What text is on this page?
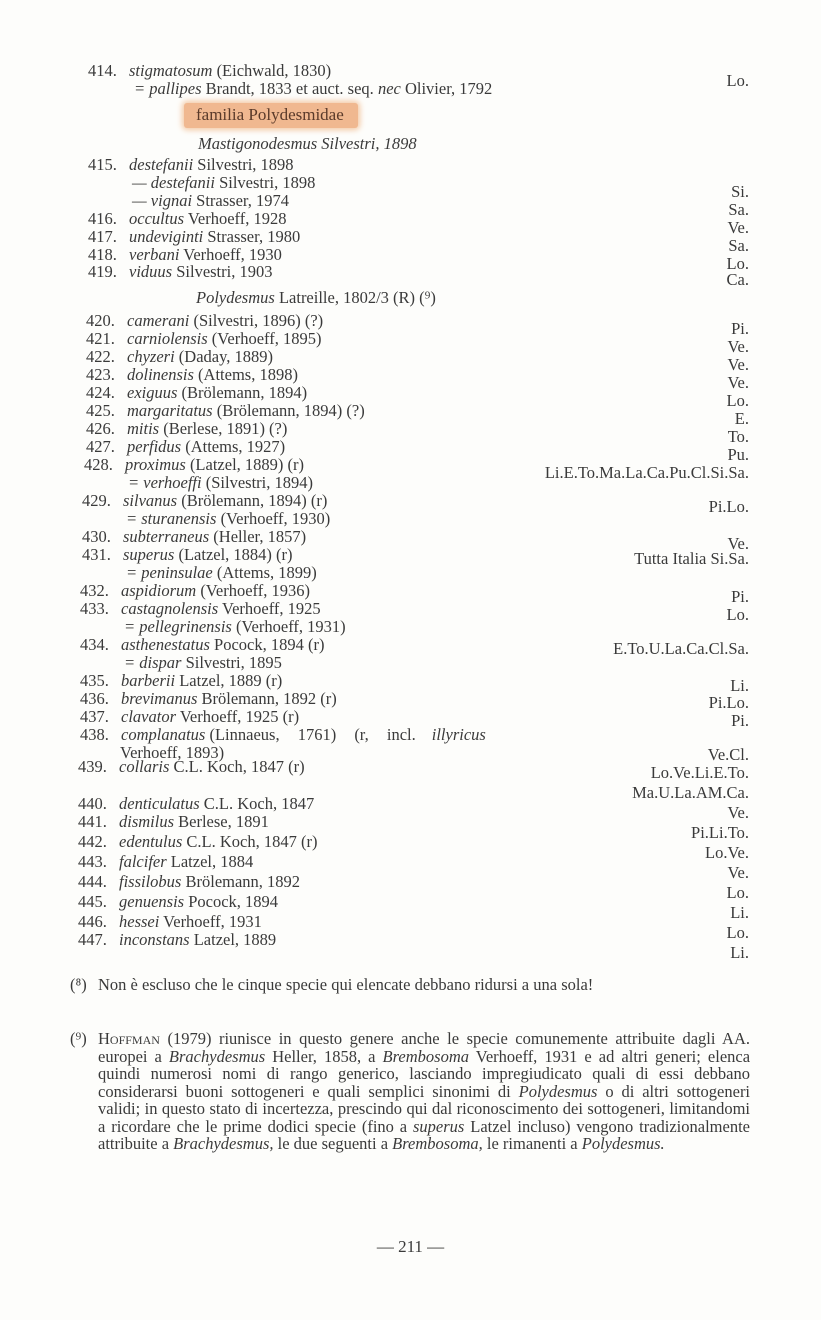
familia Polydesmidae
Mastigonodesmus Silvestri, 1898
Polydesmus Latreille, 1802/3 (R) (⁹)
414. stigmatosum (Eichwald, 1830)
= pallipes Brandt, 1833 et auct. seq. nec Olivier, 1792
415. destefanii Silvestri, 1898
— destefanii Silvestri, 1898
— vignai Strasser, 1974
416. occultus Verhoeff, 1928
417. undeviginti Strasser, 1980
418. verbani Verhoeff, 1930
419. viduus Silvestri, 1903
420. camerani (Silvestri, 1896) (?)
421. carniolensis (Verhoeff, 1895)
422. chyzeri (Daday, 1889)
423. dolinensis (Attems, 1898)
424. exiguus (Brölemann, 1894)
425. margaritatus (Brölemann, 1894) (?)
426. mitis (Berlese, 1891) (?)
427. perfidus (Attems, 1927)
428. proximus (Latzel, 1889) (r)
= verhoeffi (Silvestri, 1894)
429. silvanus (Brölemann, 1894) (r)
= sturanensis (Verhoeff, 1930)
430. subterraneus (Heller, 1857)
431. superus (Latzel, 1884) (r)
= peninsulae (Attems, 1899)
432. aspidiorum (Verhoeff, 1936)
433. castagnolensis Verhoeff, 1925
= pellegrinensis (Verhoeff, 1931)
434. asthenestatus Pocock, 1894 (r)
= dispar Silvestri, 1895
435. barberii Latzel, 1889 (r)
436. brevimanus Brölemann, 1892 (r)
437. clavator Verhoeff, 1925 (r)
438. complanatus (Linnaeus, 1761) (r, incl. illyricus
Verhoeff, 1893)
439. collaris C.L. Koch, 1847 (r)
440. denticulatus C.L. Koch, 1847
441. dismilus Berlese, 1891
442. edentulus C.L. Koch, 1847 (r)
443. falcifer Latzel, 1884
444. fissilobus Brölemann, 1892
445. genuensis Pocock, 1894
446. hessei Verhoeff, 1931
447. inconstans Latzel, 1889
Lo.
Si.
Sa.
Ve.
Sa.
Lo.
Ca.
Pi.
Ve.
Ve.
Ve.
Lo.
E.
To.
Pu.
Li.E.To.Ma.La.Ca.Pu.Cl.Si.Sa.
Pi.Lo.
Ve.
Tutta Italia Si.Sa.
Pi.
Lo.
E.To.U.La.Ca.Cl.Sa.
Li.
Pi.Lo.
Pi.
Ve.Cl.
Lo.Ve.Li.E.To.
Ma.U.La.AM.Ca.
Ve.
Pi.Li.To.
Lo.Ve.
Ve.
Lo.
Li.
Lo.
Li.
(⁸) Non è escluso che le cinque specie qui elencate debbano ridursi a una sola!
(⁹) Hoffman (1979) riunisce in questo genere anche le specie comunemente attribuite dagli AA. europei a Brachydesmus Heller, 1858, a Brembosoma Verhoeff, 1931 e ad altri generi; elenca quindi numerosi nomi di rango generico, lasciando impregiudicato quali di essi debbano considerarsi buoni sottogeneri e quali semplici sinonimi di Polydesmus o di altri sottogeneri validi; in questo stato di incertezza, prescindo qui dal riconoscimento dei sottogeneri, limitandomi a ricordare che le prime dodici specie (fino a superus Latzel incluso) vengono tradizionalmente attribuite a Brachydesmus, le due seguenti a Brembosoma, le rimanenti a Polydesmus.
— 211 —
